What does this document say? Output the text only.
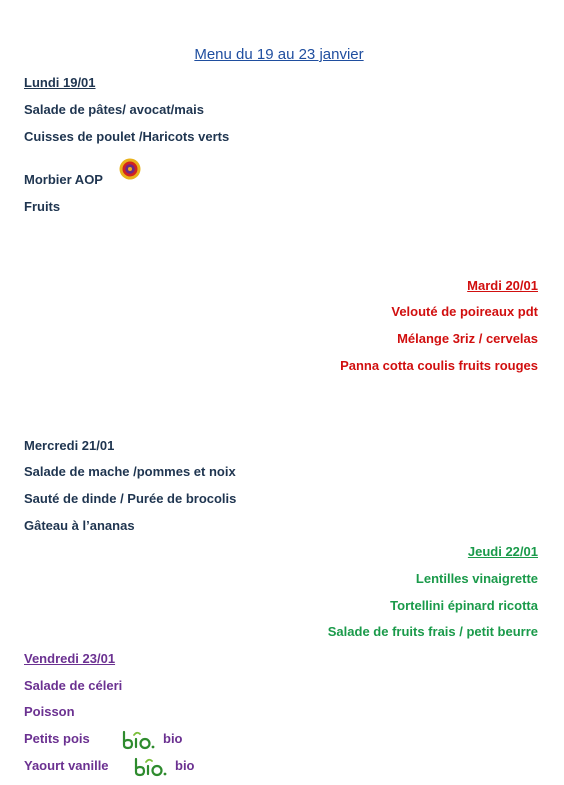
Menu du 19 au 23 janvier
Lundi 19/01
Salade de pâtes/ avocat/mais
Cuisses de poulet /Haricots verts
Morbier AOP
Fruits
Mardi 20/01
Velouté de poireaux pdt
Mélange 3riz / cervelas
Panna cotta coulis fruits rouges
Mercredi 21/01
Salade de mache /pommes et noix
Sauté de dinde / Purée de brocolis
Gâteau à l’ananas
Jeudi 22/01
Lentilles vinaigrette
Tortellini épinard ricotta
Salade de fruits frais / petit beurre
Vendredi 23/01
Salade de céleri
Poisson
Petits pois	bio
Yaourt vanille	bio
